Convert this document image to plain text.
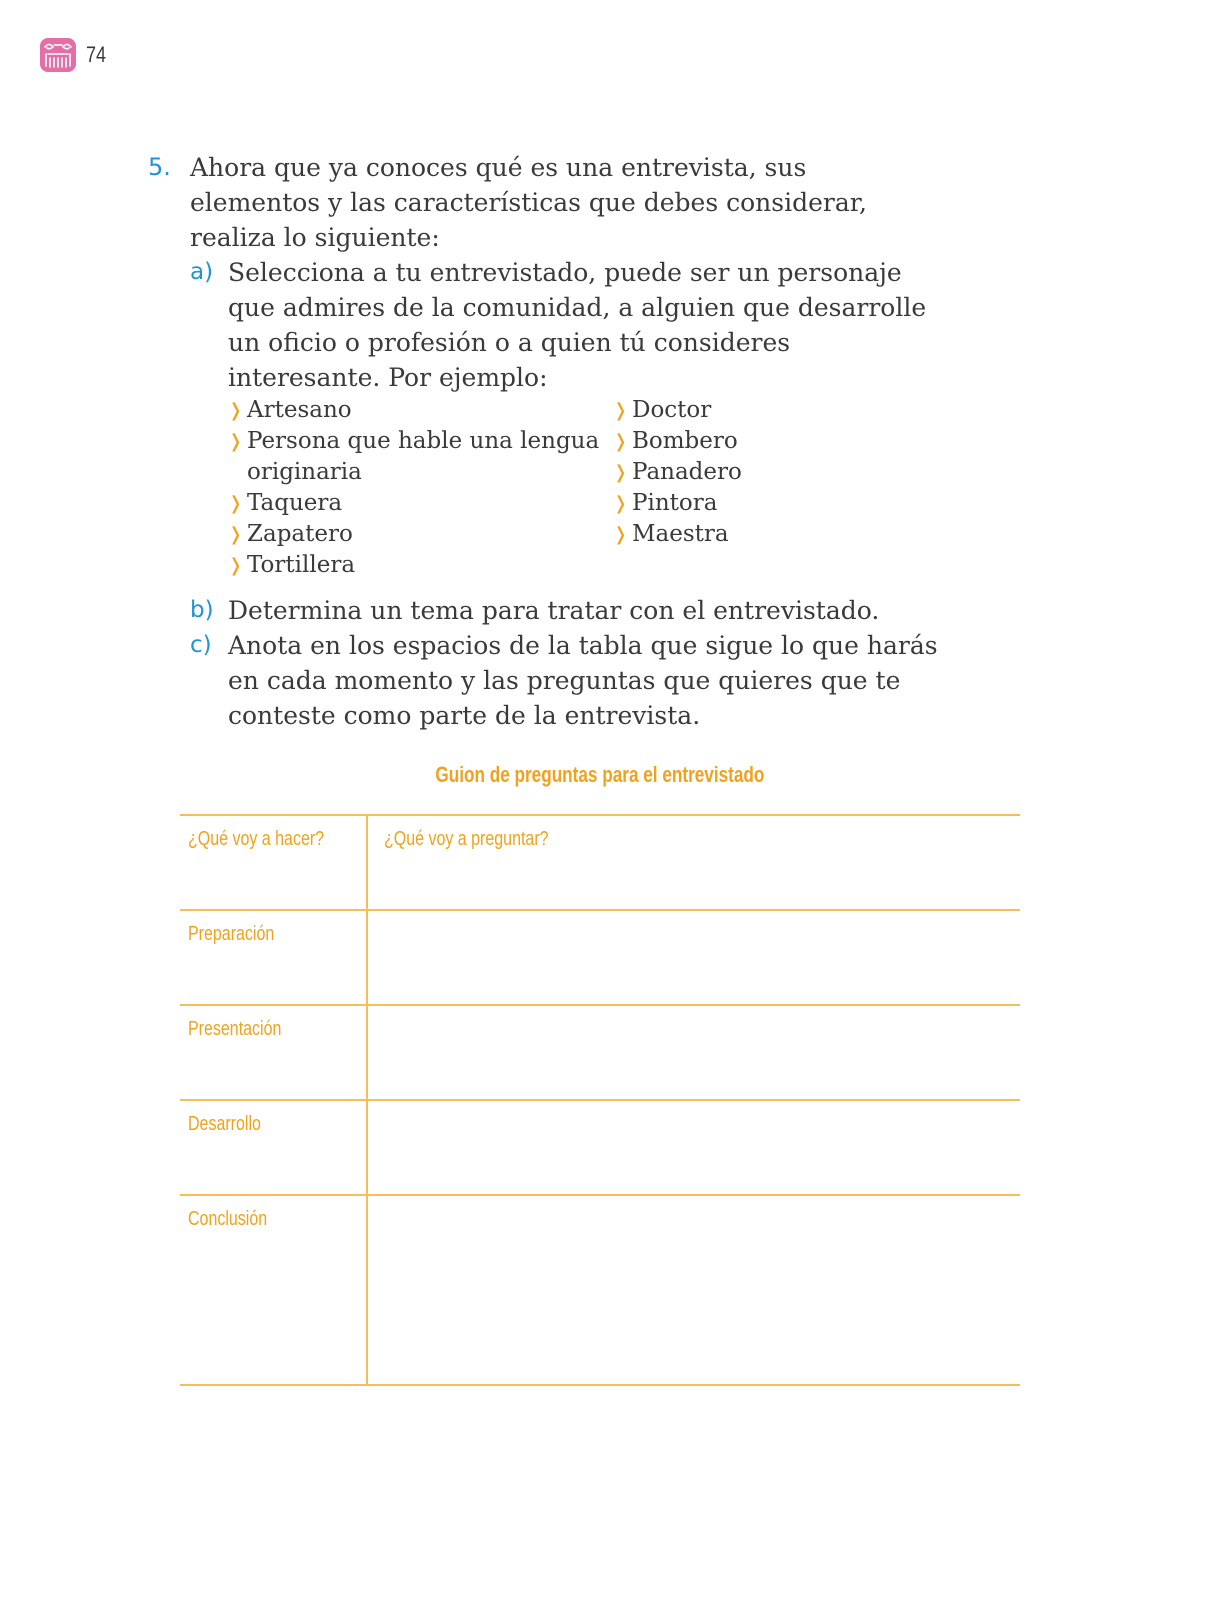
74
5. Ahora que ya conoces qué es una entrevista, sus elementos y las características que debes considerar, realiza lo siguiente:
a) Selecciona a tu entrevistado, puede ser un personaje que admires de la comunidad, a alguien que desarrolle un oficio o profesión o a quien tú consideres interesante. Por ejemplo:
❭ Artesano
❭ Persona que hable una lengua originaria
❭ Taquera
❭ Zapatero
❭ Tortillera
❭ Doctor
❭ Bombero
❭ Panadero
❭ Pintora
❭ Maestra
b) Determina un tema para tratar con el entrevistado.
c) Anota en los espacios de la tabla que sigue lo que harás en cada momento y las preguntas que quieres que te conteste como parte de la entrevista.
Guion de preguntas para el entrevistado
¿Qué voy a hacer?	¿Qué voy a preguntar?
Preparación	
Presentación	
Desarrollo	
Conclusión	
